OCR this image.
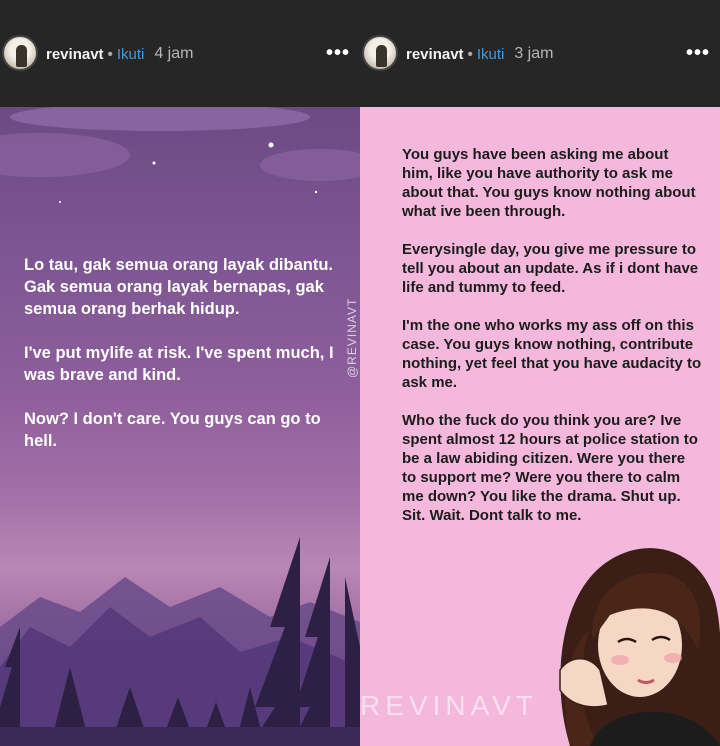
revinavt • Ikuti 4 jam	•••

Lo tau, gak semua orang layak dibantu. Gak semua orang layak bernapas, gak semua orang berhak hidup.

I've put mylife at risk. I've spent much, I was brave and kind.

Now? I don't care. You guys can go to hell.

@REVINAVT
revinavt • Ikuti 3 jam	•••

You guys have been asking me about him, like you have authority to ask me about that. You guys know nothing about what ive been through.

Everysingle day, you give me pressure to tell you about an update. As if i dont have life and tummy to feed.

I'm the one who works my ass off on this case. You guys know nothing, contribute nothing, yet feel that you have audacity to ask me.

Who the fuck do you think you are? Ive spent almost 12 hours at police station to be a law abiding citizen. Were you there to support me? Were you there to calm me down? You like the drama. Shut up. Sit. Wait. Dont talk to me.

REVINAVT
